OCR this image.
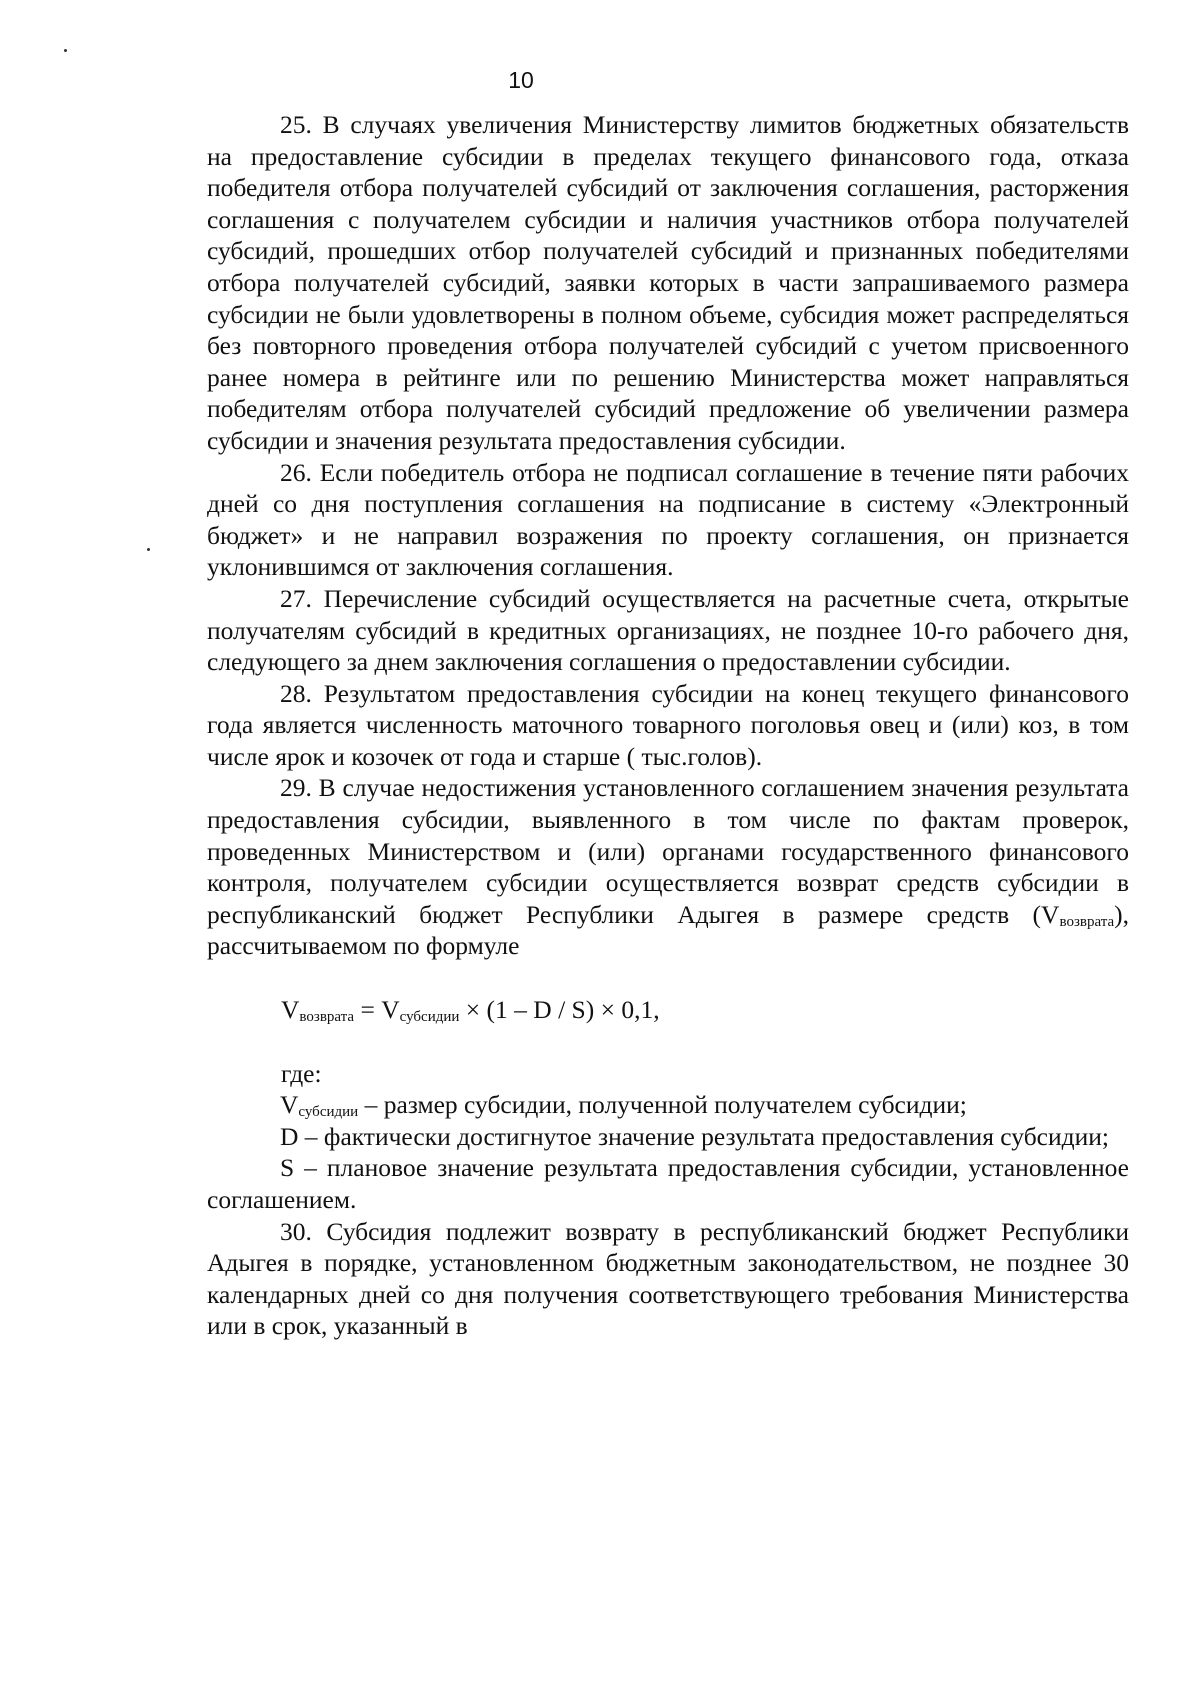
10

25. В случаях увеличения Министерству лимитов бюджетных обязательств на предоставление субсидии в пределах текущего финансового года, отказа победителя отбора получателей субсидий от заключения соглашения, расторжения соглашения с получателем субсидии и наличия участников отбора получателей субсидий, прошедших отбор получателей субсидий и признанных победителями отбора получателей субсидий, заявки которых в части запрашиваемого размера субсидии не были удовлетворены в полном объеме, субсидия может распределяться без повторного проведения отбора получателей субсидий с учетом присвоенного ранее номера в рейтинге или по решению Министерства может направляться победителям отбора получателей субсидий предложение об увеличении размера субсидии и значения результата предоставления субсидии.

26. Если победитель отбора не подписал соглашение в течение пяти рабочих дней со дня поступления соглашения на подписание в систему «Электронный бюджет» и не направил возражения по проекту соглашения, он признается уклонившимся от заключения соглашения.

27. Перечисление субсидий осуществляется на расчетные счета, открытые получателям субсидий в кредитных организациях, не позднее 10-го рабочего дня, следующего за днем заключения соглашения о предоставлении субсидии.

28. Результатом предоставления субсидии на конец текущего финансового года является численность маточного товарного поголовья овец и (или) коз, в том числе ярок и козочек от года и старше ( тыс.голов).

29. В случае недостижения установленного соглашением значения результата предоставления субсидии, выявленного в том числе по фактам проверок, проведенных Министерством и (или) органами государственного финансового контроля, получателем субсидии осуществляется возврат средств субсидии в республиканский бюджет Республики Адыгея в размере средств $(V_{возврата})$, рассчитываемом по формуле

$V_{возврата} = V_{субсидии} \times (1 - D / S) \times 0,1$,

где:

$V_{субсидии}$ – размер субсидии, полученной получателем субсидии;

D – фактически достигнутое значение результата предоставления субсидии;

S – плановое значение результата предоставления субсидии, установленное соглашением.

30. Субсидия подлежит возврату в республиканский бюджет Республики Адыгея в порядке, установленном бюджетным законодательством, не позднее 30 календарных дней со дня получения соответствующего требования Министерства или в срок, указанный в
